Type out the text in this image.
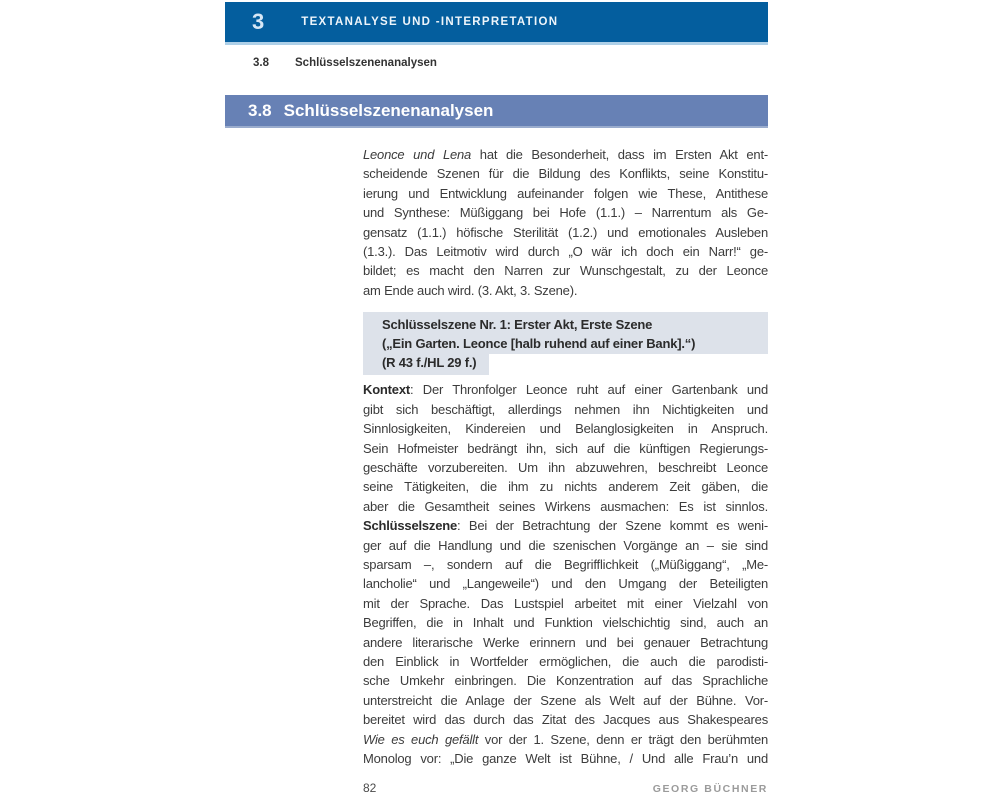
3	TEXTANALYSE UND -INTERPRETATION
3.8 Schlüsselszenenanalysen
3.8 Schlüsselszenenanalysen
Leonce und Lena hat die Besonderheit, dass im Ersten Akt ent-
scheidende Szenen für die Bildung des Konflikts, seine Konstitu-
ierung und Entwicklung aufeinander folgen wie These, Antithese
und Synthese: Müßiggang bei Hofe (1.1.) – Narrentum als Ge-
gensatz (1.1.) höfische Sterilität (1.2.) und emotionales Ausleben
(1.3.). Das Leitmotiv wird durch „O wär ich doch ein Narr!“ ge-
bildet; es macht den Narren zur Wunschgestalt, zu der Leonce
am Ende auch wird. (3. Akt, 3. Szene).
Schlüsselszene Nr. 1: Erster Akt, Erste Szene
(„Ein Garten. Leonce [halb ruhend auf einer Bank].“)
(R 43 f./HL 29 f.)
Kontext: Der Thronfolger Leonce ruht auf einer Gartenbank und
gibt sich beschäftigt, allerdings nehmen ihn Nichtigkeiten und
Sinnlosigkeiten, Kindereien und Belanglosigkeiten in Anspruch.
Sein Hofmeister bedrängt ihn, sich auf die künftigen Regierungs-
geschäfte vorzubereiten. Um ihn abzuwehren, beschreibt Leonce
seine Tätigkeiten, die ihm zu nichts anderem Zeit gäben, die
aber die Gesamtheit seines Wirkens ausmachen: Es ist sinnlos.
Schlüsselszene: Bei der Betrachtung der Szene kommt es weni-
ger auf die Handlung und die szenischen Vorgänge an – sie sind
sparsam –, sondern auf die Begrifflichkeit („Müßiggang“, „Me-
lancholie“ und „Langeweile“) und den Umgang der Beteiligten
mit der Sprache. Das Lustspiel arbeitet mit einer Vielzahl von
Begriffen, die in Inhalt und Funktion vielschichtig sind, auch an
andere literarische Werke erinnern und bei genauer Betrachtung
den Einblick in Wortfelder ermöglichen, die auch die parodisti-
sche Umkehr einbringen. Die Konzentration auf das Sprachliche
unterstreicht die Anlage der Szene als Welt auf der Bühne. Vor-
bereitet wird das durch das Zitat des Jacques aus Shakespeares
Wie es euch gefällt vor der 1. Szene, denn er trägt den berühmten
Monolog vor: „Die ganze Welt ist Bühne, / Und alle Frau’n und
82	GEORG BÜCHNER
